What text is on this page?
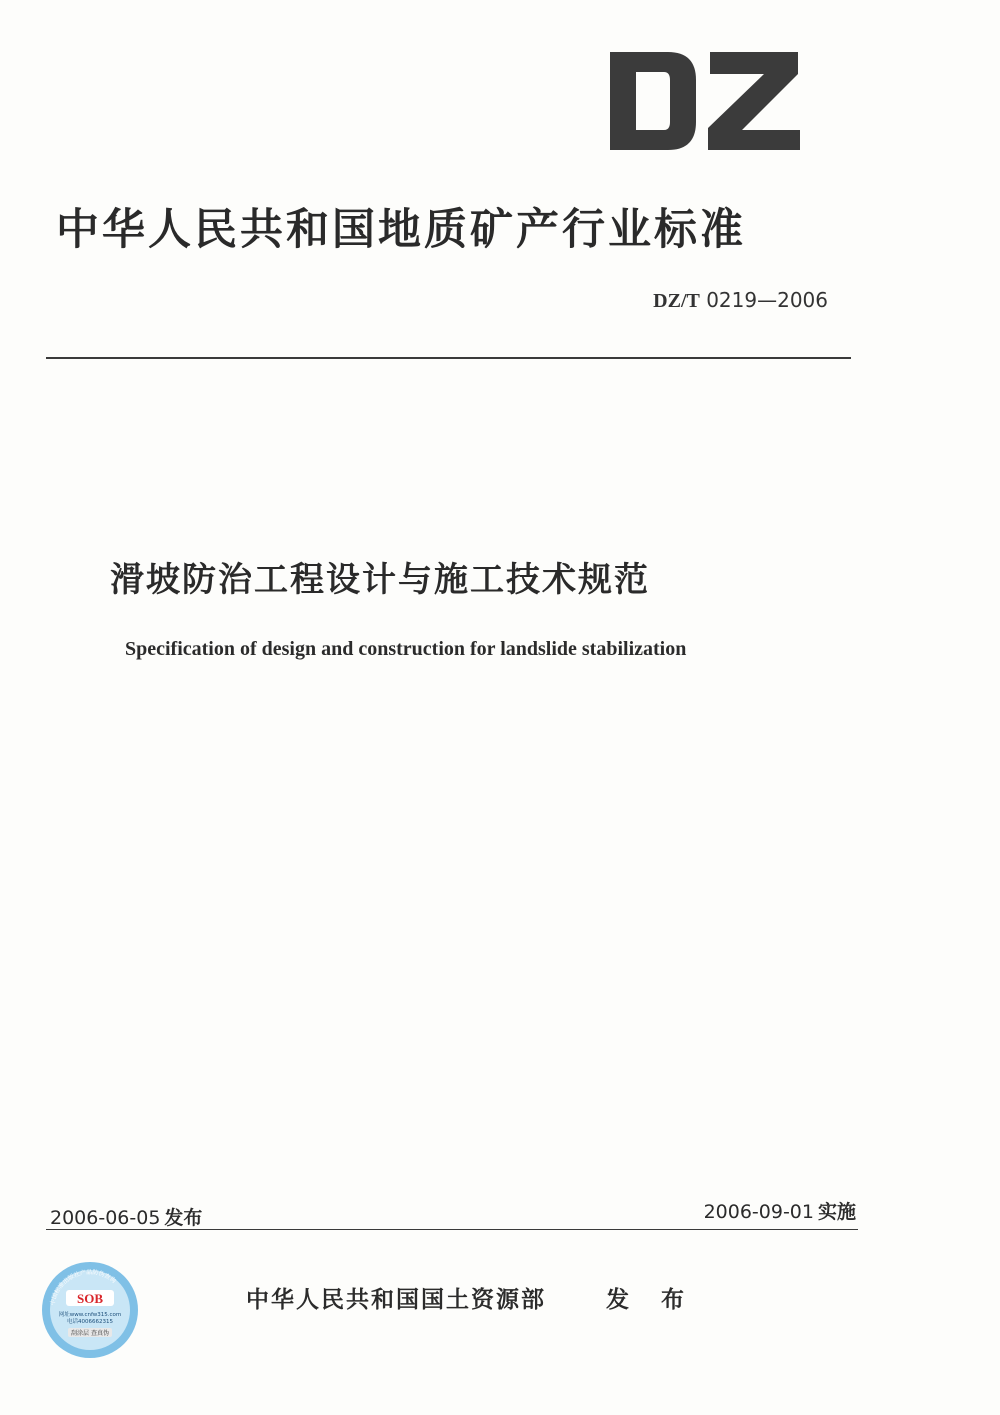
中华人民共和国地质矿产行业标准
DZ/T 0219—2006
滑坡防治工程设计与施工技术规范
Specification of design and construction for landslide stabilization
2006-06-05 发布	2006-09-01 实施
中国标准出版社产品防伪查询
SOB
网址www.cnfw315.com
电话4006662315
刮涂层 查真伪
中华人民共和国国土资源部	发 布
